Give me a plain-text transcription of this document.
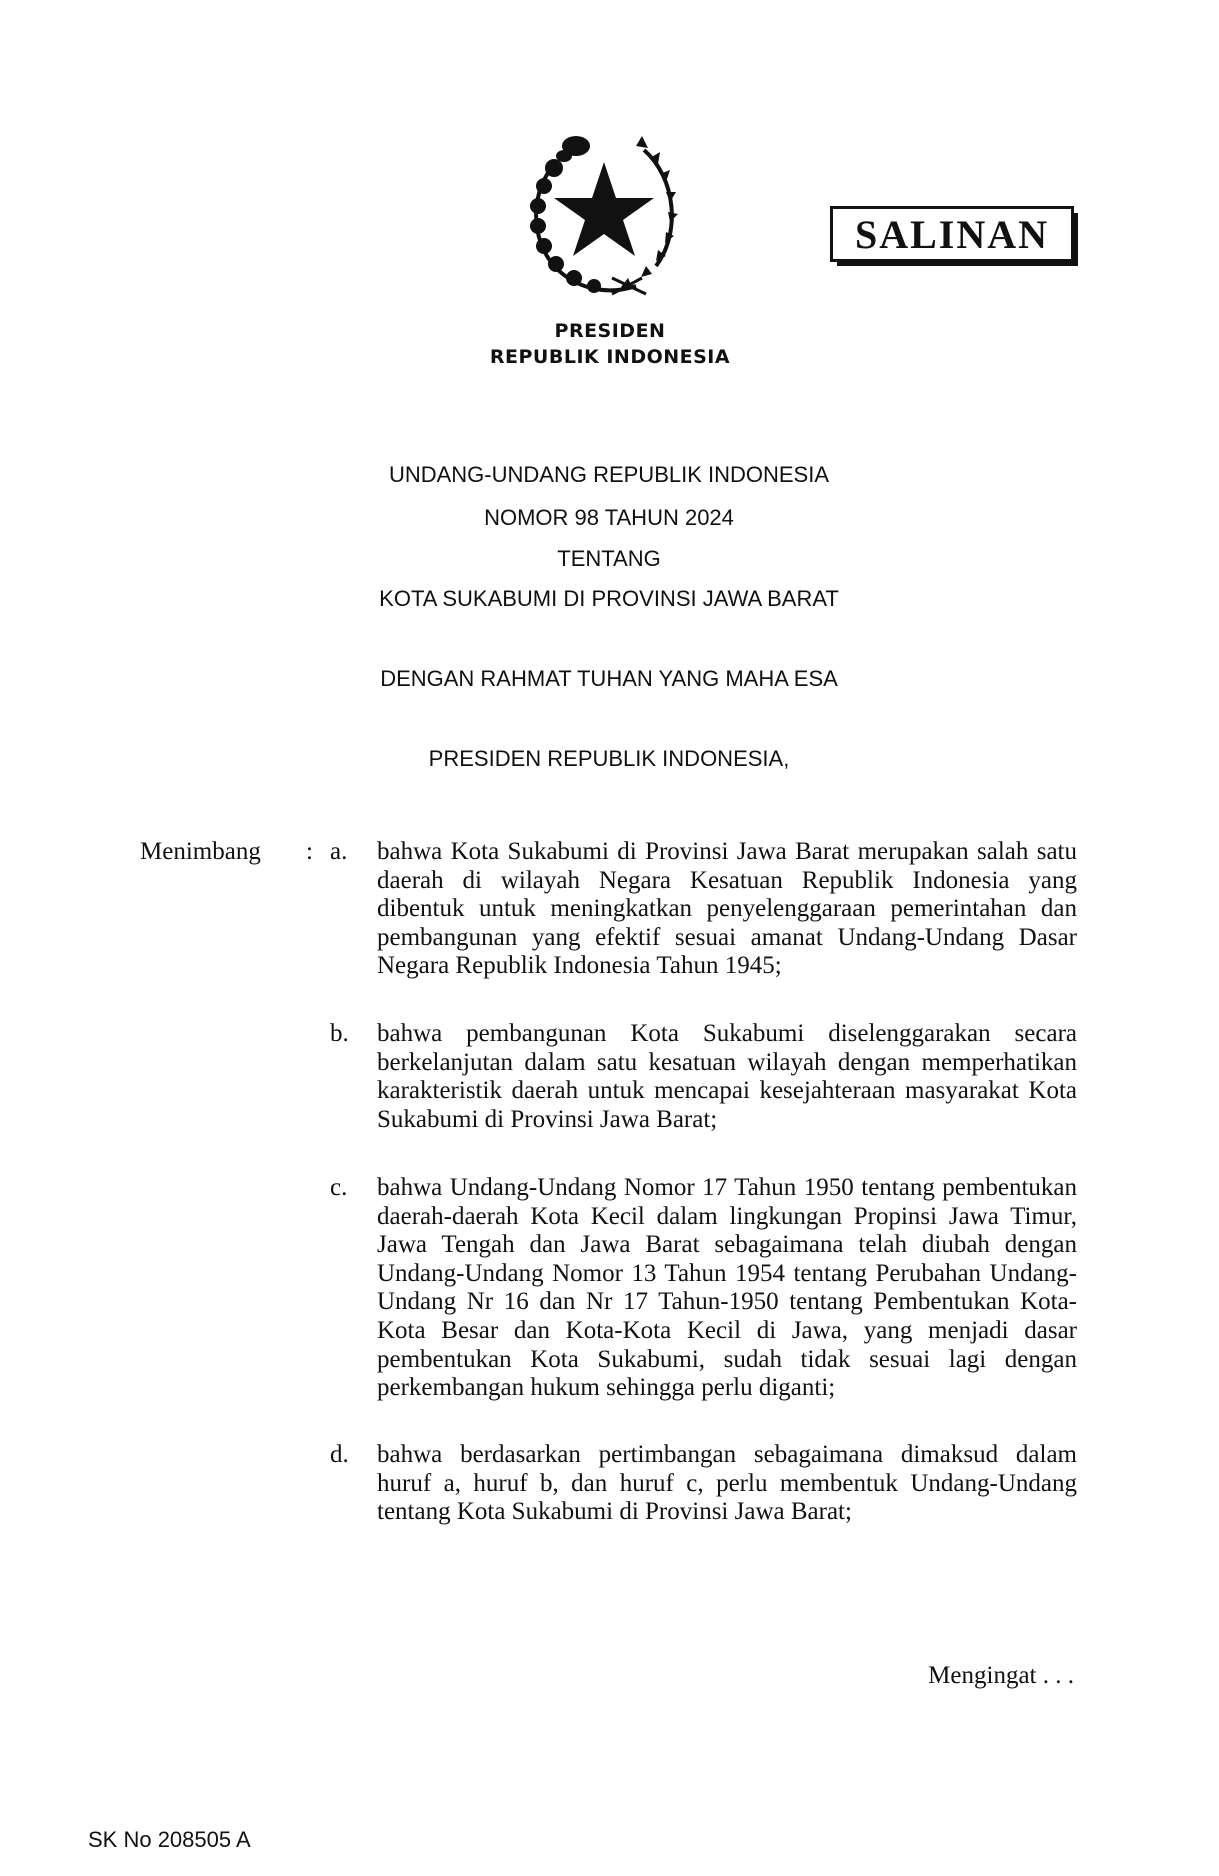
SALINAN
PRESIDEN
REPUBLIK INDONESIA
UNDANG-UNDANG REPUBLIK INDONESIA
NOMOR 98 TAHUN 2024
TENTANG
KOTA SUKABUMI DI PROVINSI JAWA BARAT
DENGAN RAHMAT TUHAN YANG MAHA ESA
PRESIDEN REPUBLIK INDONESIA,
Menimbang : a. bahwa Kota Sukabumi di Provinsi Jawa Barat merupakan salah satu daerah di wilayah Negara Kesatuan Republik Indonesia yang dibentuk untuk meningkatkan penyelenggaraan pemerintahan dan pembangunan yang efektif sesuai amanat Undang-Undang Dasar Negara Republik Indonesia Tahun 1945;
b. bahwa pembangunan Kota Sukabumi diselenggarakan secara berkelanjutan dalam satu kesatuan wilayah dengan memperhatikan karakteristik daerah untuk mencapai kesejahteraan masyarakat Kota Sukabumi di Provinsi Jawa Barat;
c. bahwa Undang-Undang Nomor 17 Tahun 1950 tentang pembentukan daerah-daerah Kota Kecil dalam lingkungan Propinsi Jawa Timur, Jawa Tengah dan Jawa Barat sebagaimana telah diubah dengan Undang-Undang Nomor 13 Tahun 1954 tentang Perubahan Undang-Undang Nr 16 dan Nr 17 Tahun-1950 tentang Pembentukan Kota-Kota Besar dan Kota-Kota Kecil di Jawa, yang menjadi dasar pembentukan Kota Sukabumi, sudah tidak sesuai lagi dengan perkembangan hukum sehingga perlu diganti;
d. bahwa berdasarkan pertimbangan sebagaimana dimaksud dalam huruf a, huruf b, dan huruf c, perlu membentuk Undang-Undang tentang Kota Sukabumi di Provinsi Jawa Barat;
Mengingat . . .
SK No 208505 A
